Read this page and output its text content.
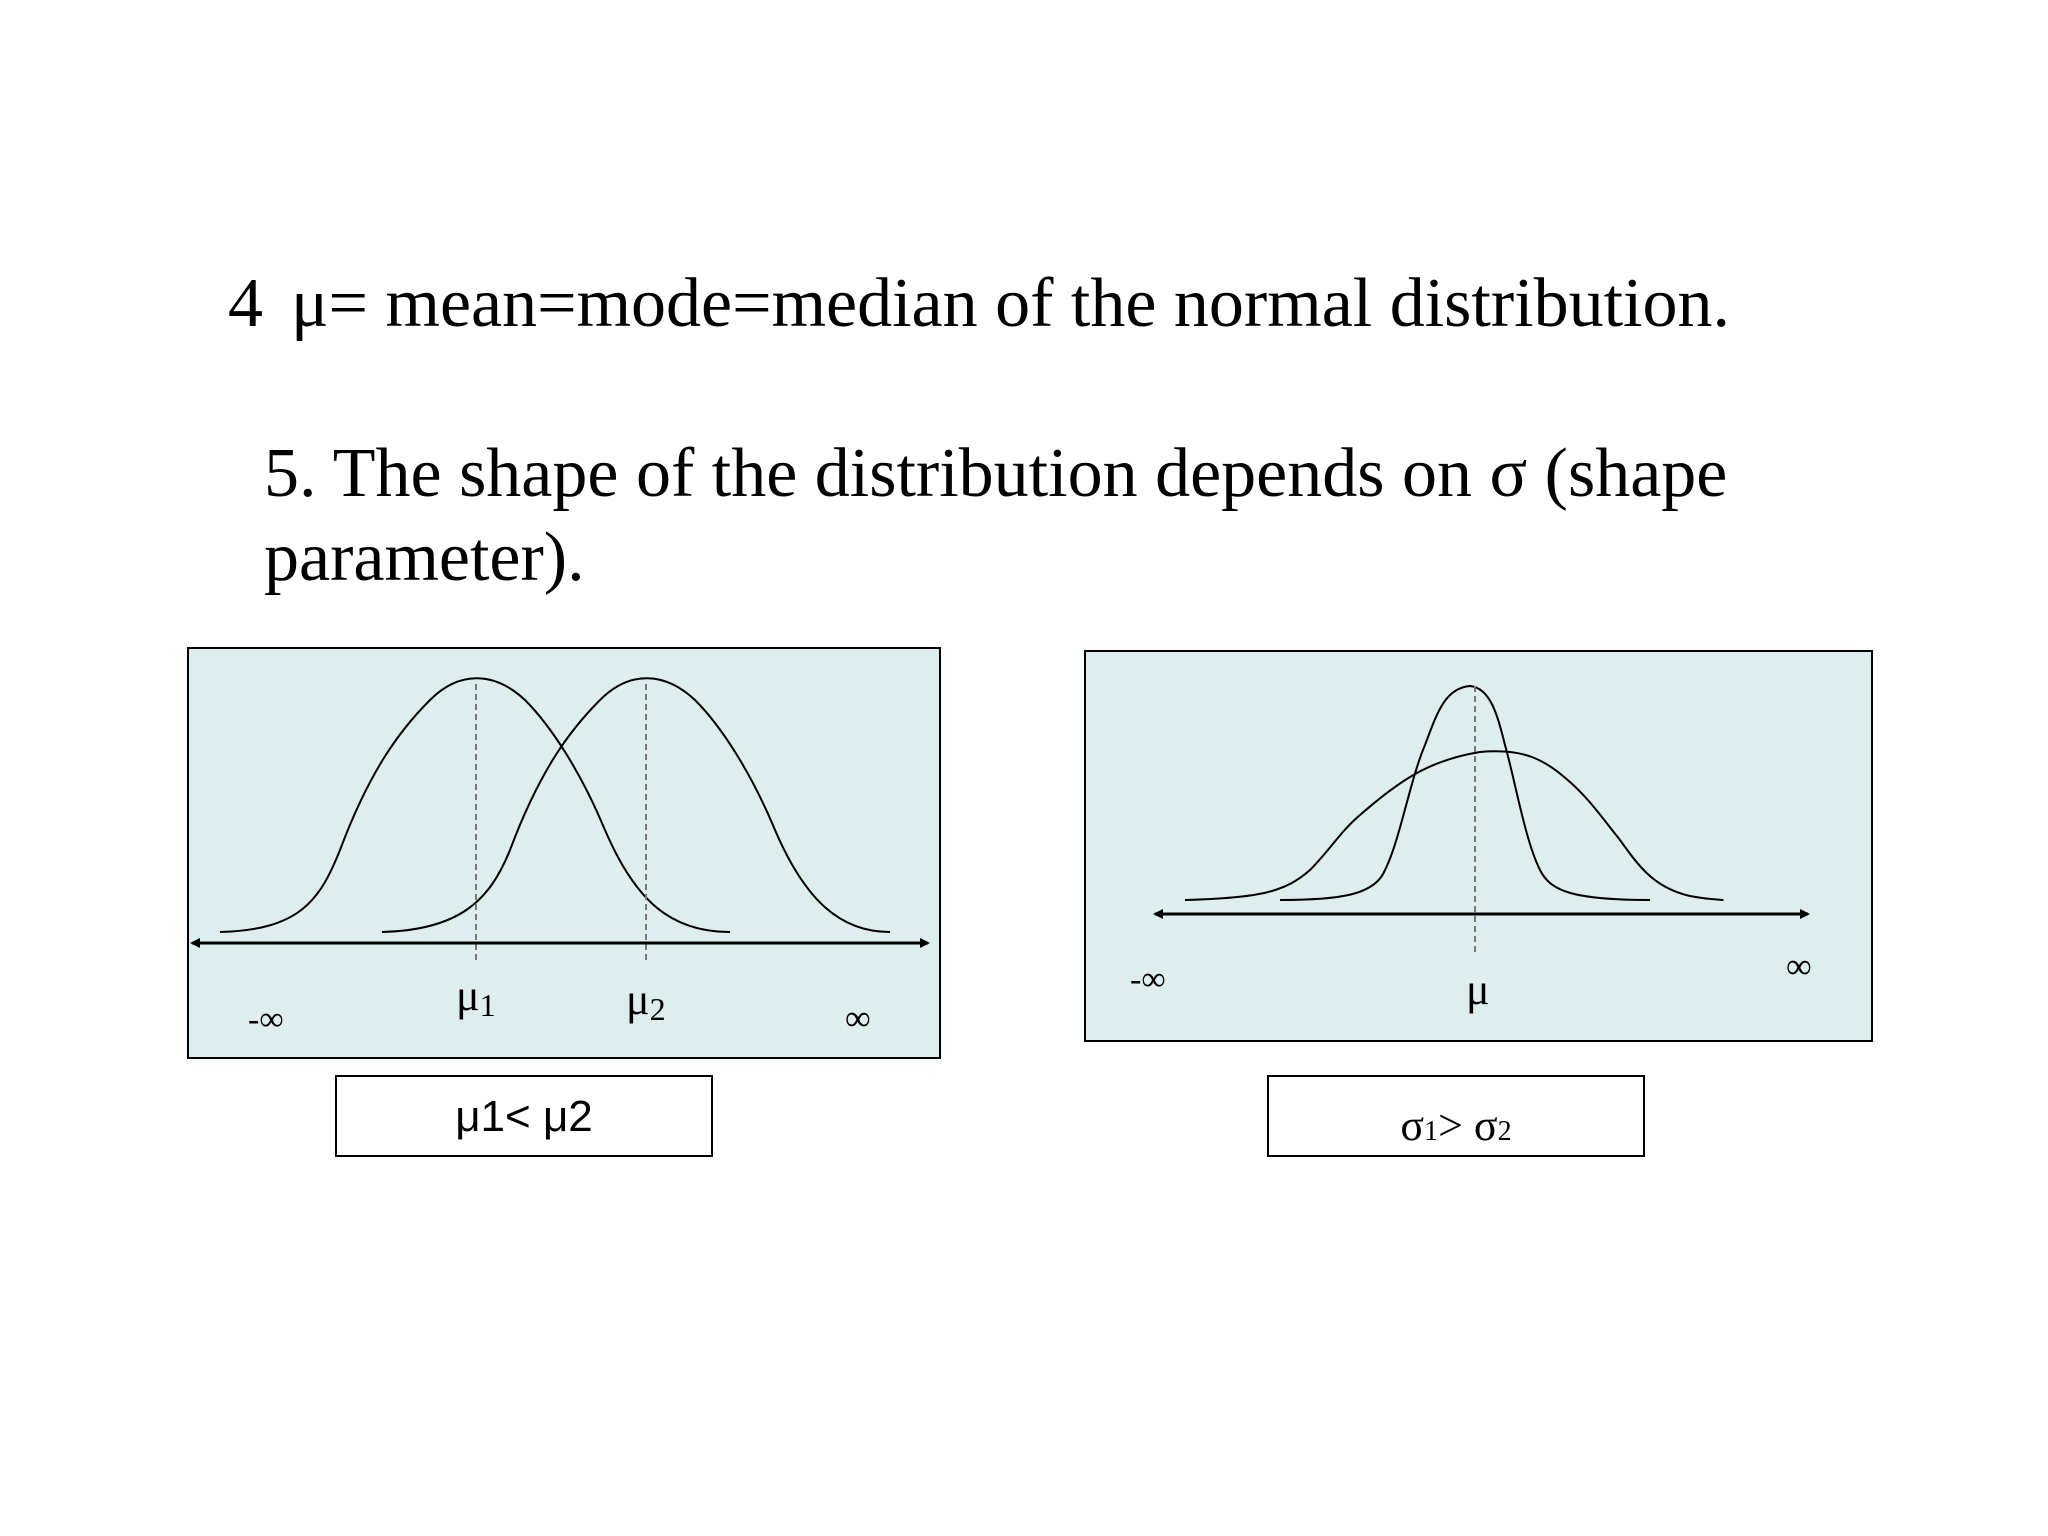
4 μ= mean=mode=median of the normal distribution.
5. The shape of the distribution depends on σ (shape
parameter).
-∞	∞
μ1	μ2
μ1< μ2
-∞	∞
μ
σ1> σ2
